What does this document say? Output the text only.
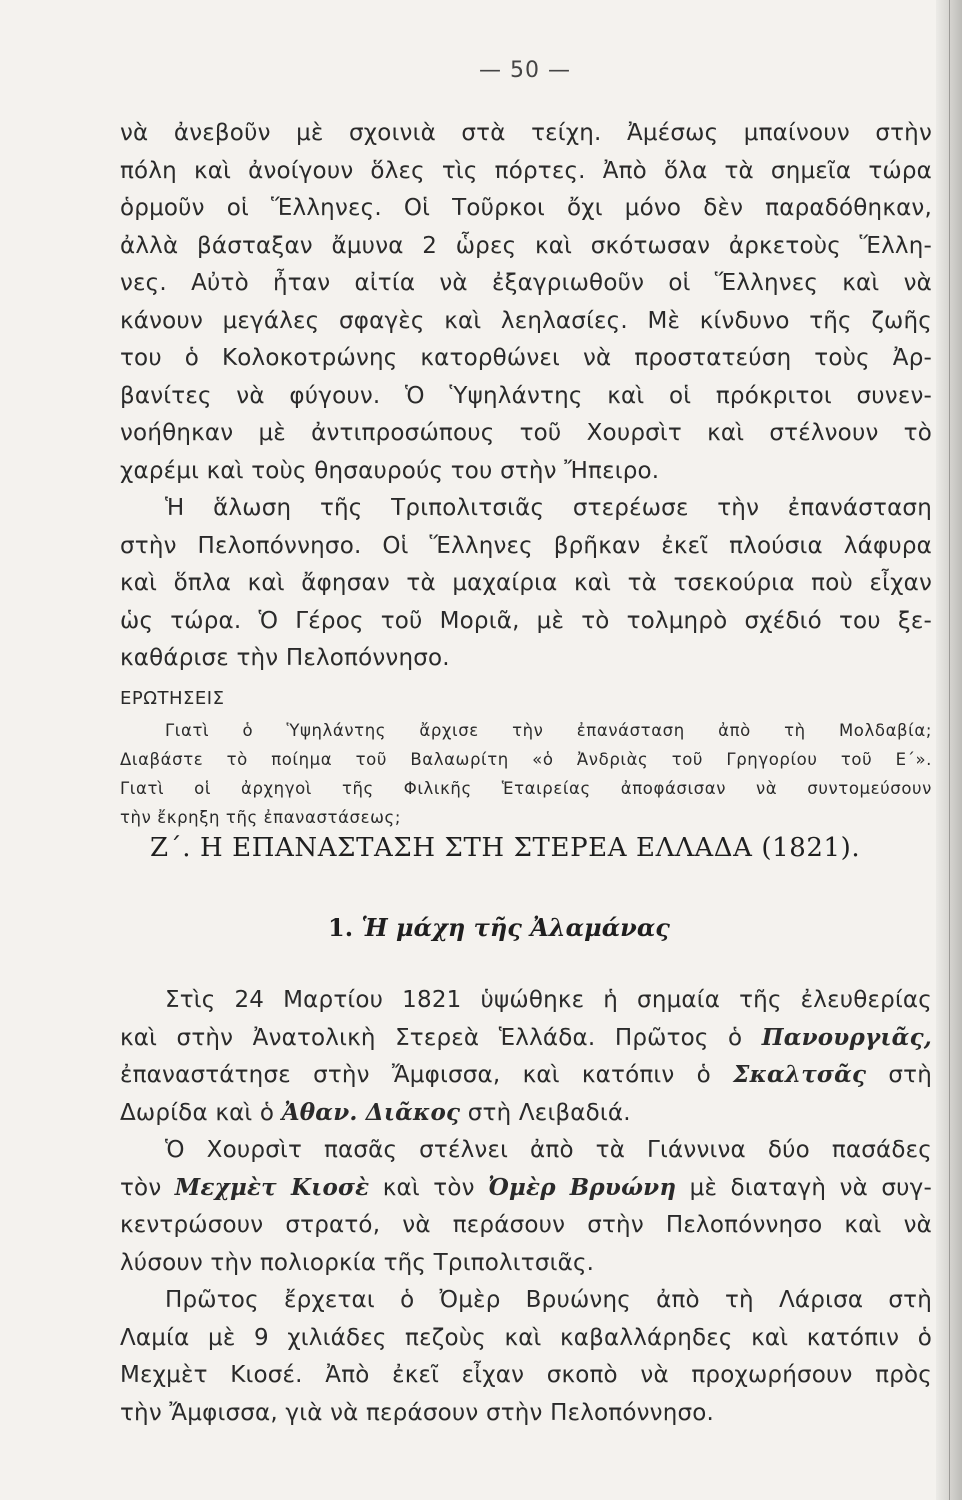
— 50 —
νὰ ἀνεβοῦν μὲ σχοινιὰ στὰ τείχη. Ἀμέσως μπαίνουν στὴν
πόλη καὶ ἀνοίγουν ὅλες τὶς πόρτες. Ἀπὸ ὅλα τὰ σημεῖα τώρα
ὁρμοῦν οἱ Ἕλληνες. Οἱ Τοῦρκοι ὄχι μόνο δὲν παραδόθηκαν,
ἀλλὰ βάσταξαν ἄμυνα 2 ὧρες καὶ σκότωσαν ἀρκετοὺς Ἕλλη-
νες. Αὐτὸ ἦταν αἰτία νὰ ἐξαγριωθοῦν οἱ Ἕλληνες καὶ νὰ
κάνουν μεγάλες σφαγὲς καὶ λεηλασίες. Μὲ κίνδυνο τῆς ζωῆς
του ὁ Κολοκοτρώνης κατορθώνει νὰ προστατεύση τοὺς Ἀρ-
βανίτες νὰ φύγουν. Ὁ Ὑψηλάντης καὶ οἱ πρόκριτοι συνεν-
νοήθηκαν μὲ ἀντιπροσώπους τοῦ Χουρσὶτ καὶ στέλνουν τὸ
χαρέμι καὶ τοὺς θησαυρούς του στὴν Ἤπειρο.
Ἡ ἅλωση τῆς Τριπολιτσιᾶς στερέωσε τὴν ἐπανάσταση
στὴν Πελοπόννησο. Οἱ Ἕλληνες βρῆκαν ἐκεῖ πλούσια λάφυρα
καὶ ὅπλα καὶ ἄφησαν τὰ μαχαίρια καὶ τὰ τσεκούρια ποὺ εἶχαν
ὡς τώρα. Ὁ Γέρος τοῦ Μοριᾶ, μὲ τὸ τολμηρὸ σχέδιό του ξε-
καθάρισε τὴν Πελοπόννησο.
ΕΡΩΤΗΣΕΙΣ
Γιατὶ ὁ Ὑψηλάντης ἄρχισε τὴν ἐπανάσταση ἀπὸ τὴ Μολδαβία;
Διαβάστε τὸ ποίημα τοῦ Βαλαωρίτη «ὁ Ἀνδριὰς τοῦ Γρηγορίου τοῦ Ε´».
Γιατὶ οἱ ἀρχηγοὶ τῆς Φιλικῆς Ἑταιρείας ἀποφάσισαν νὰ συντομεύσουν
τὴν ἔκρηξη τῆς ἐπαναστάσεως;
Ζ´. Η ΕΠΑΝΑΣΤΑΣΗ ΣΤΗ ΣΤΕΡΕΑ ΕΛΛΑΔΑ (1821).
1. Ἡ μάχη τῆς Ἀλαμάνας
Στὶς 24 Μαρτίου 1821 ὑψώθηκε ἡ σημαία τῆς ἐλευθερίας
καὶ στὴν Ἀνατολικὴ Στερεὰ Ἑλλάδα. Πρῶτος ὁ Πανουργιᾶς,
ἐπαναστάτησε στὴν Ἄμφισσα, καὶ κατόπιν ὁ Σκαλτσᾶς στὴ
Δωρίδα καὶ ὁ Ἀθαν. Διᾶκος στὴ Λειβαδιά.
Ὁ Χουρσὶτ πασᾶς στέλνει ἀπὸ τὰ Γιάννινα δύο πασάδες
τὸν Μεχμὲτ Κιοσὲ καὶ τὸν Ὀμὲρ Βρυώνη μὲ διαταγὴ νὰ συγ-
κεντρώσουν στρατό, νὰ περάσουν στὴν Πελοπόννησο καὶ νὰ
λύσουν τὴν πολιορκία τῆς Τριπολιτσιᾶς.
Πρῶτος ἔρχεται ὁ Ὀμὲρ Βρυώνης ἀπὸ τὴ Λάρισα στὴ
Λαμία μὲ 9 χιλιάδες πεζοὺς καὶ καβαλλάρηδες καὶ κατόπιν ὁ
Μεχμὲτ Κιοσέ. Ἀπὸ ἐκεῖ εἶχαν σκοπὸ νὰ προχωρήσουν πρὸς
τὴν Ἄμφισσα, γιὰ νὰ περάσουν στὴν Πελοπόννησο.
